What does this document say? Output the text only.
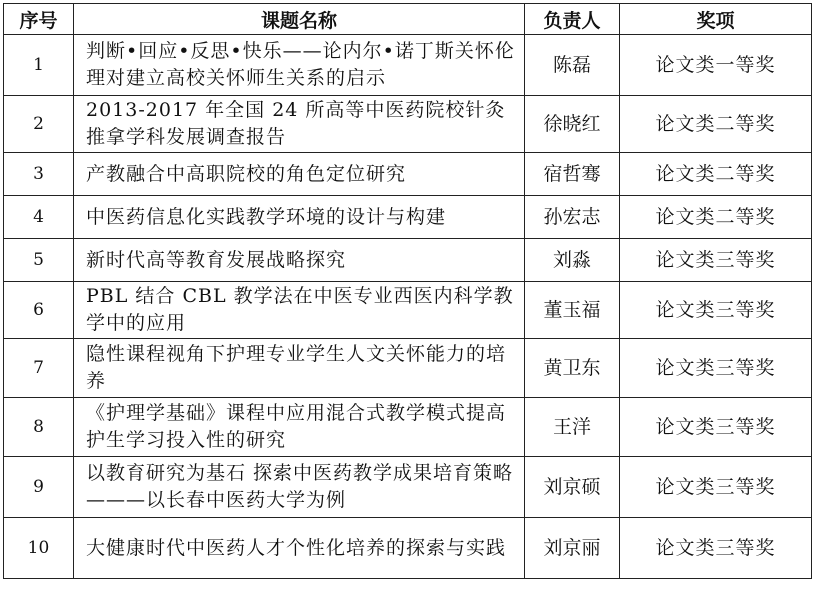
序号	课题名称	负责人	奖项
1	判断•回应•反思•快乐——论内尔•诺丁斯关怀伦理对建立高校关怀师生关系的启示	陈磊	论文类一等奖
2	2013-2017 年全国 24 所高等中医药院校针灸推拿学科发展调查报告	徐晓红	论文类二等奖
3	产教融合中高职院校的角色定位研究	宿哲骞	论文类二等奖
4	中医药信息化实践教学环境的设计与构建	孙宏志	论文类二等奖
5	新时代高等教育发展战略探究	刘淼	论文类三等奖
6	PBL 结合 CBL 教学法在中医专业西医内科学教学中的应用	董玉福	论文类三等奖
7	隐性课程视角下护理专业学生人文关怀能力的培养	黄卫东	论文类三等奖
8	《护理学基础》课程中应用混合式教学模式提高护生学习投入性的研究	王洋	论文类三等奖
9	以教育研究为基石 探索中医药教学成果培育策略———以长春中医药大学为例	刘京硕	论文类三等奖
10	大健康时代中医药人才个性化培养的探索与实践	刘京丽	论文类三等奖
